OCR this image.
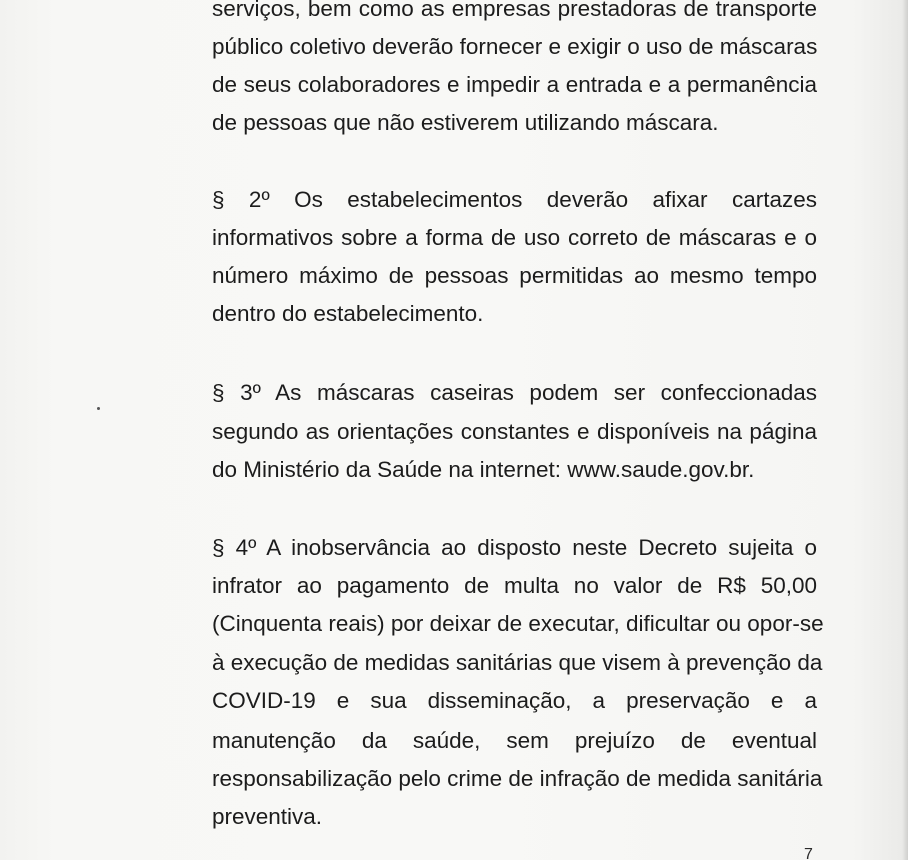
serviços, bem como as empresas prestadoras de transporte
público coletivo deverão fornecer e exigir o uso de máscaras
de seus colaboradores e impedir a entrada e a permanência
de pessoas que não estiverem utilizando máscara.
§ 2º Os estabelecimentos deverão afixar cartazes
informativos sobre a forma de uso correto de máscaras e o
número máximo de pessoas permitidas ao mesmo tempo
dentro do estabelecimento.
§ 3º As máscaras caseiras podem ser confeccionadas
segundo as orientações constantes e disponíveis na página
do Ministério da Saúde na internet: www.saude.gov.br.
§ 4º A inobservância ao disposto neste Decreto sujeita o
infrator ao pagamento de multa no valor de R$ 50,00
(Cinquenta reais) por deixar de executar, dificultar ou opor-se
à execução de medidas sanitárias que visem à prevenção da
COVID-19 e sua disseminação, a preservação e a
manutenção da saúde, sem prejuízo de eventual
responsabilização pelo crime de infração de medida sanitária
preventiva.
7
